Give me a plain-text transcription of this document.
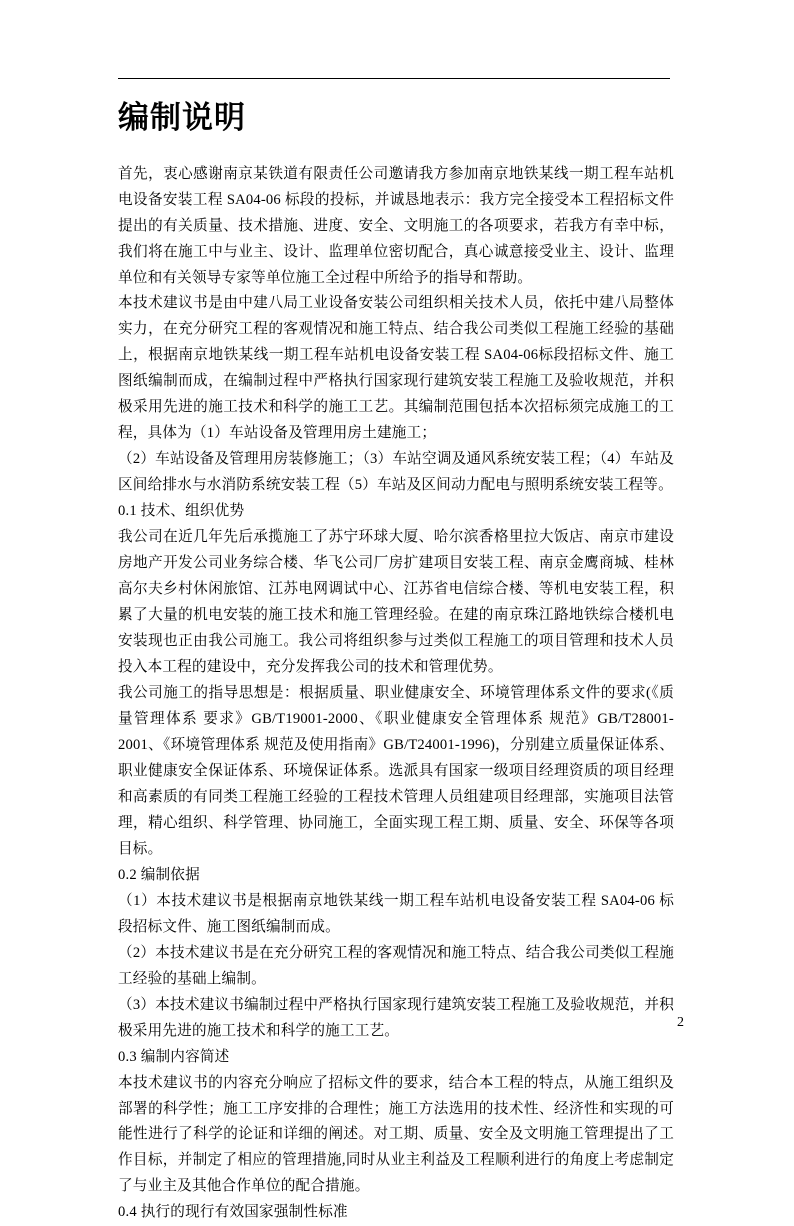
编制说明

首先，衷心感谢南京某铁道有限责任公司邀请我方参加南京地铁某线一期工程车站机电设备安装工程 SA04-06 标段的投标，并诚恳地表示：我方完全接受本工程招标文件提出的有关质量、技术措施、进度、安全、文明施工的各项要求，若我方有幸中标，我们将在施工中与业主、设计、监理单位密切配合，真心诚意接受业主、设计、监理单位和有关领导专家等单位施工全过程中所给予的指导和帮助。

本技术建议书是由中建八局工业设备安装公司组织相关技术人员，依托中建八局整体实力，在充分研究工程的客观情况和施工特点、结合我公司类似工程施工经验的基础上，根据南京地铁某线一期工程车站机电设备安装工程 SA04-06标段招标文件、施工图纸编制而成，在编制过程中严格执行国家现行建筑安装工程施工及验收规范，并积极采用先进的施工技术和科学的施工工艺。其编制范围包括本次招标须完成施工的工程，具体为（1）车站设备及管理用房土建施工；

（2）车站设备及管理用房装修施工；（3）车站空调及通风系统安装工程；（4）车站及区间给排水与水消防系统安装工程（5）车站及区间动力配电与照明系统安装工程等。

0.1 技术、组织优势

我公司在近几年先后承揽施工了苏宁环球大厦、哈尔滨香格里拉大饭店、南京市建设房地产开发公司业务综合楼、华飞公司厂房扩建项目安装工程、南京金鹰商城、桂林高尔夫乡村休闲旅馆、江苏电网调试中心、江苏省电信综合楼、等机电安装工程，积累了大量的机电安装的施工技术和施工管理经验。在建的南京珠江路地铁综合楼机电安装现也正由我公司施工。我公司将组织参与过类似工程施工的项目管理和技术人员投入本工程的建设中，充分发挥我公司的技术和管理优势。

我公司施工的指导思想是：根据质量、职业健康安全、环境管理体系文件的要求(《质量管理体系 要求》GB/T19001-2000、《职业健康安全管理体系 规范》GB/T28001-2001、《环境管理体系 规范及使用指南》GB/T24001-1996)，分别建立质量保证体系、职业健康安全保证体系、环境保证体系。选派具有国家一级项目经理资质的项目经理和高素质的有同类工程施工经验的工程技术管理人员组建项目经理部，实施项目法管理，精心组织、科学管理、协同施工，全面实现工程工期、质量、安全、环保等各项目标。

0.2 编制依据

（1）本技术建议书是根据南京地铁某线一期工程车站机电设备安装工程 SA04-06 标段招标文件、施工图纸编制而成。

（2）本技术建议书是在充分研究工程的客观情况和施工特点、结合我公司类似工程施工经验的基础上编制。

（3）本技术建议书编制过程中严格执行国家现行建筑安装工程施工及验收规范，并积极采用先进的施工技术和科学的施工工艺。

0.3 编制内容简述

本技术建议书的内容充分响应了招标文件的要求，结合本工程的特点，从施工组织及部署的科学性；施工工序安排的合理性；施工方法选用的技术性、经济性和实现的可能性进行了科学的论证和详细的阐述。对工期、质量、安全及文明施工管理提出了工作目标，并制定了相应的管理措施,同时从业主利益及工程顺利进行的角度上考虑制定了与业主及其他合作单位的配合措施。

0.4 执行的现行有效国家强制性标准

2
